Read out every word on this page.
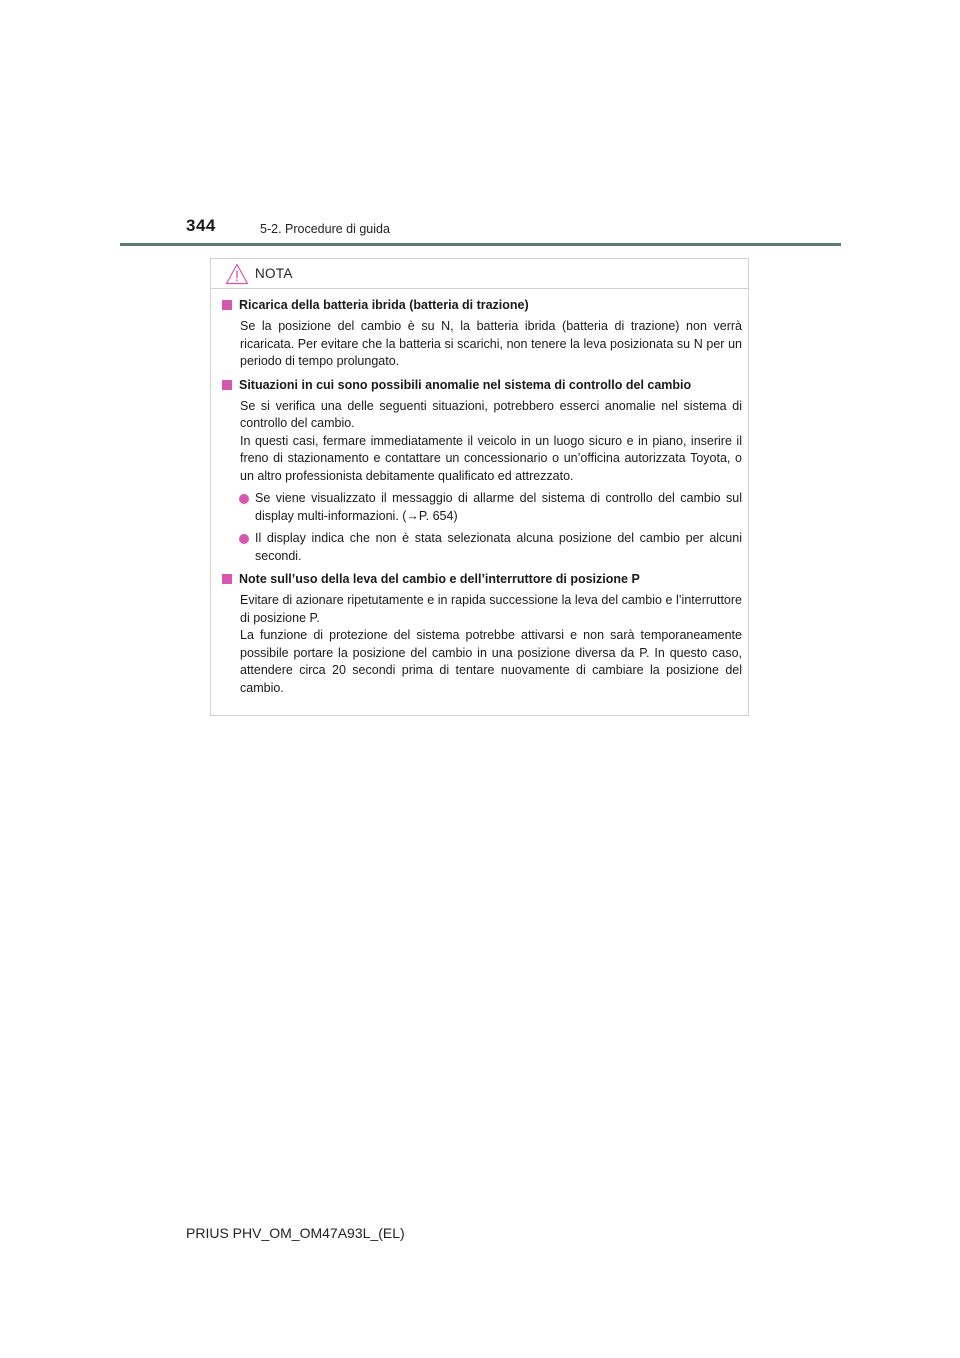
344	5-2. Procedure di guida
NOTA
Ricarica della batteria ibrida (batteria di trazione)
Se la posizione del cambio è su N, la batteria ibrida (batteria di trazione) non verrà ricaricata. Per evitare che la batteria si scarichi, non tenere la leva posizionata su N per un periodo di tempo prolungato.
Situazioni in cui sono possibili anomalie nel sistema di controllo del cambio
Se si verifica una delle seguenti situazioni, potrebbero esserci anomalie nel sistema di controllo del cambio.
In questi casi, fermare immediatamente il veicolo in un luogo sicuro e in piano, inserire il freno di stazionamento e contattare un concessionario o un’officina autorizzata Toyota, o un altro professionista debitamente qualificato ed attrezzato.
Se viene visualizzato il messaggio di allarme del sistema di controllo del cambio sul display multi-informazioni. (→P. 654)
Il display indica che non è stata selezionata alcuna posizione del cambio per alcuni secondi.
Note sull’uso della leva del cambio e dell’interruttore di posizione P
Evitare di azionare ripetutamente e in rapida successione la leva del cambio e l’interruttore di posizione P.
La funzione di protezione del sistema potrebbe attivarsi e non sarà temporaneamente possibile portare la posizione del cambio in una posizione diversa da P. In questo caso, attendere circa 20 secondi prima di tentare nuovamente di cambiare la posizione del cambio.
PRIUS PHV_OM_OM47A93L_(EL)
